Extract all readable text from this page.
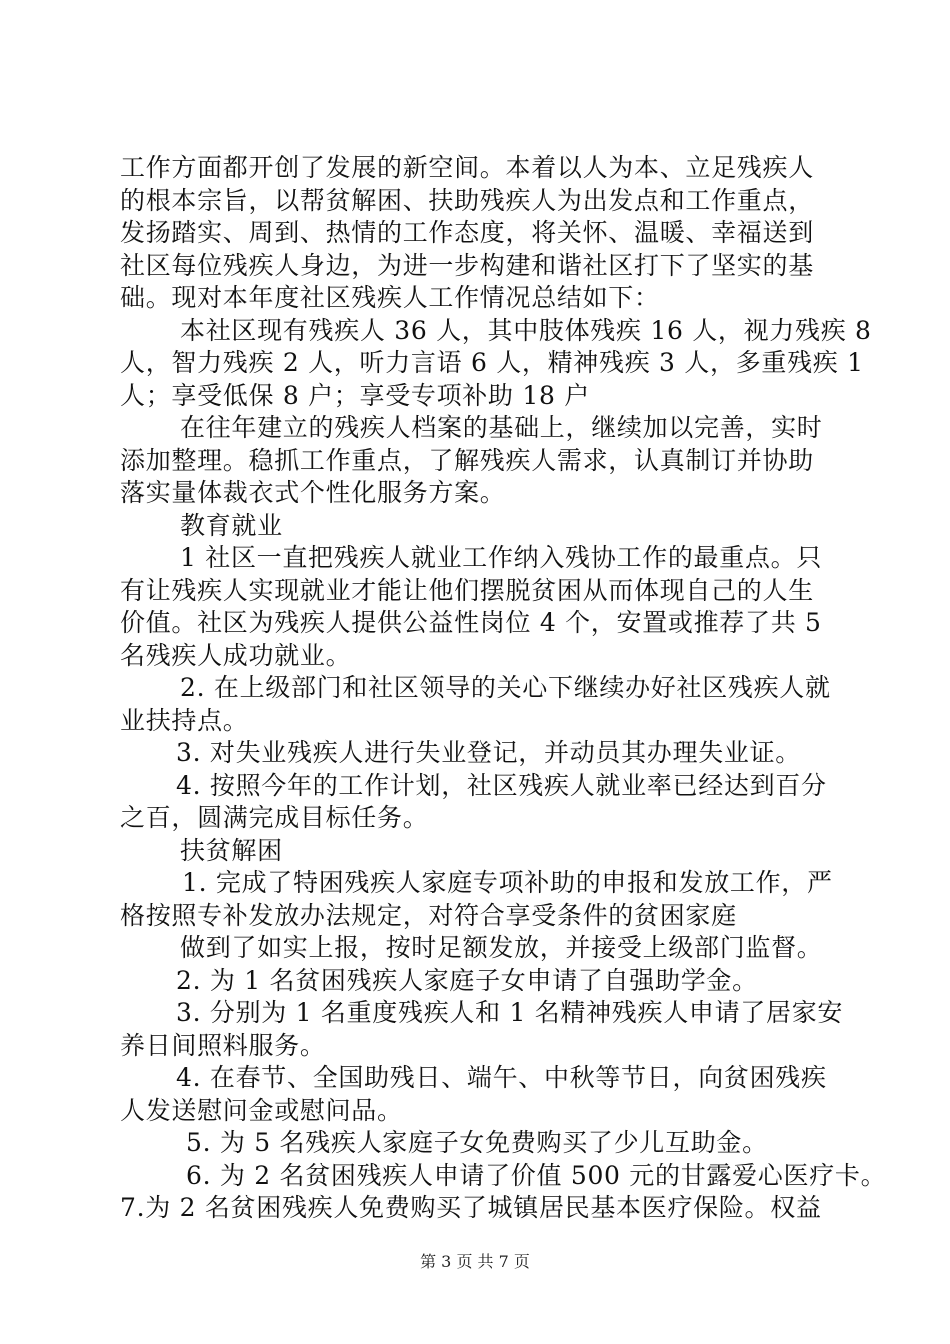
工作方面都开创了发展的新空间。本着以人为本、立足残疾人
的根本宗旨，以帮贫解困、扶助残疾人为出发点和工作重点，
发扬踏实、周到、热情的工作态度，将关怀、温暖、幸福送到
社区每位残疾人身边，为进一步构建和谐社区打下了坚实的基
础。现对本年度社区残疾人工作情况总结如下：
本社区现有残疾人 36 人，其中肢体残疾 16 人，视力残疾 8
人，智力残疾 2 人，听力言语 6 人，精神残疾 3 人，多重残疾 1
人；享受低保 8 户；享受专项补助 18 户
在往年建立的残疾人档案的基础上，继续加以完善，实时
添加整理。稳抓工作重点，了解残疾人需求，认真制订并协助
落实量体裁衣式个性化服务方案。
教育就业
1 社区一直把残疾人就业工作纳入残协工作的最重点。只
有让残疾人实现就业才能让他们摆脱贫困从而体现自己的人生
价值。社区为残疾人提供公益性岗位 4 个，安置或推荐了共 5
名残疾人成功就业。
2. 在上级部门和社区领导的关心下继续办好社区残疾人就
业扶持点。
3. 对失业残疾人进行失业登记，并动员其办理失业证。
4. 按照今年的工作计划，社区残疾人就业率已经达到百分
之百，圆满完成目标任务。
扶贫解困
1. 完成了特困残疾人家庭专项补助的申报和发放工作，严
格按照专补发放办法规定，对符合享受条件的贫困家庭
做到了如实上报，按时足额发放，并接受上级部门监督。
2. 为 1 名贫困残疾人家庭子女申请了自强助学金。
3. 分别为 1 名重度残疾人和 1 名精神残疾人申请了居家安
养日间照料服务。
4. 在春节、全国助残日、端午、中秋等节日，向贫困残疾
人发送慰问金或慰问品。
5. 为 5 名残疾人家庭子女免费购买了少儿互助金。
6. 为 2 名贫困残疾人申请了价值 500 元的甘露爱心医疗卡。
7.为 2 名贫困残疾人免费购买了城镇居民基本医疗保险。权益
第 3 页 共 7 页
